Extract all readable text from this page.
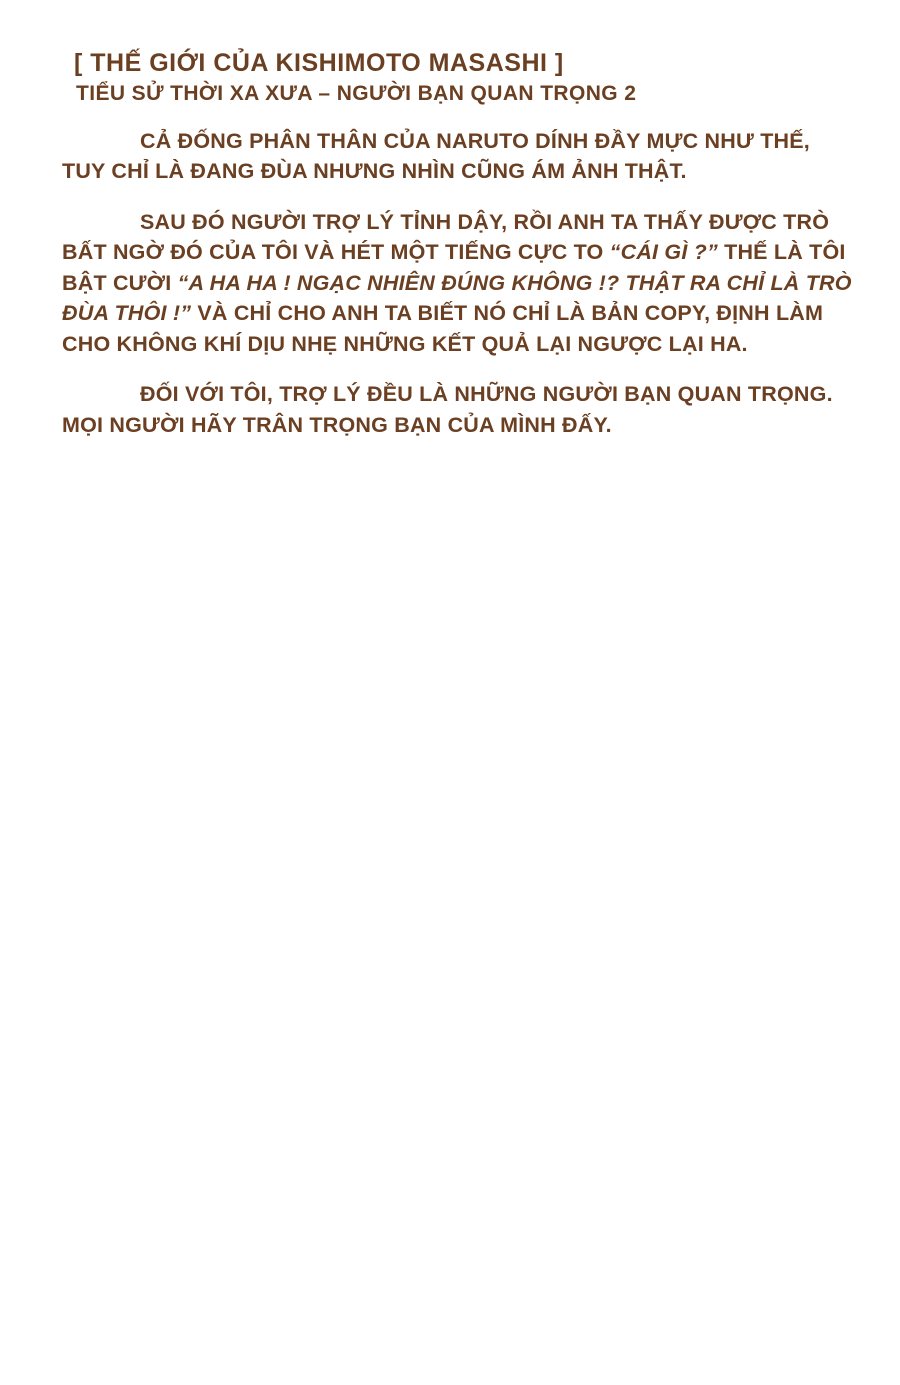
[ THẾ GIỚI CỦA KISHIMOTO MASASHI ]
TIỂU SỬ THỜI XA XƯA – NGƯỜI BẠN QUAN TRỌNG 2

CẢ ĐỐNG PHÂN THÂN CỦA NARUTO DÍNH ĐẦY MỰC NHƯ THẾ, TUY CHỈ LÀ ĐANG ĐÙA NHƯNG NHÌN CŨNG ÁM ẢNH THẬT.

SAU ĐÓ NGƯỜI TRỢ LÝ TỈNH DẬY, RỒI ANH TA THẤY ĐƯỢC TRÒ BẤT NGỜ ĐÓ CỦA TÔI VÀ HÉT MỘT TIẾNG CỰC TO “CÁI GÌ ?” THẾ LÀ TÔI BẬT CƯỜI “A HA HA ! NGẠC NHIÊN ĐÚNG KHÔNG !? THẬT RA CHỈ LÀ TRÒ ĐÙA THÔI !” VÀ CHỈ CHO ANH TA BIẾT NÓ CHỈ LÀ BẢN COPY, ĐỊNH LÀM CHO KHÔNG KHÍ DỊU NHẸ NHỮNG KẾT QUẢ LẠI NGƯỢC LẠI HA.

ĐỐI VỚI TÔI, TRỢ LÝ ĐỀU LÀ NHỮNG NGƯỜI BẠN QUAN TRỌNG. MỌI NGƯỜI HÃY TRÂN TRỌNG BẠN CỦA MÌNH ĐẤY.
